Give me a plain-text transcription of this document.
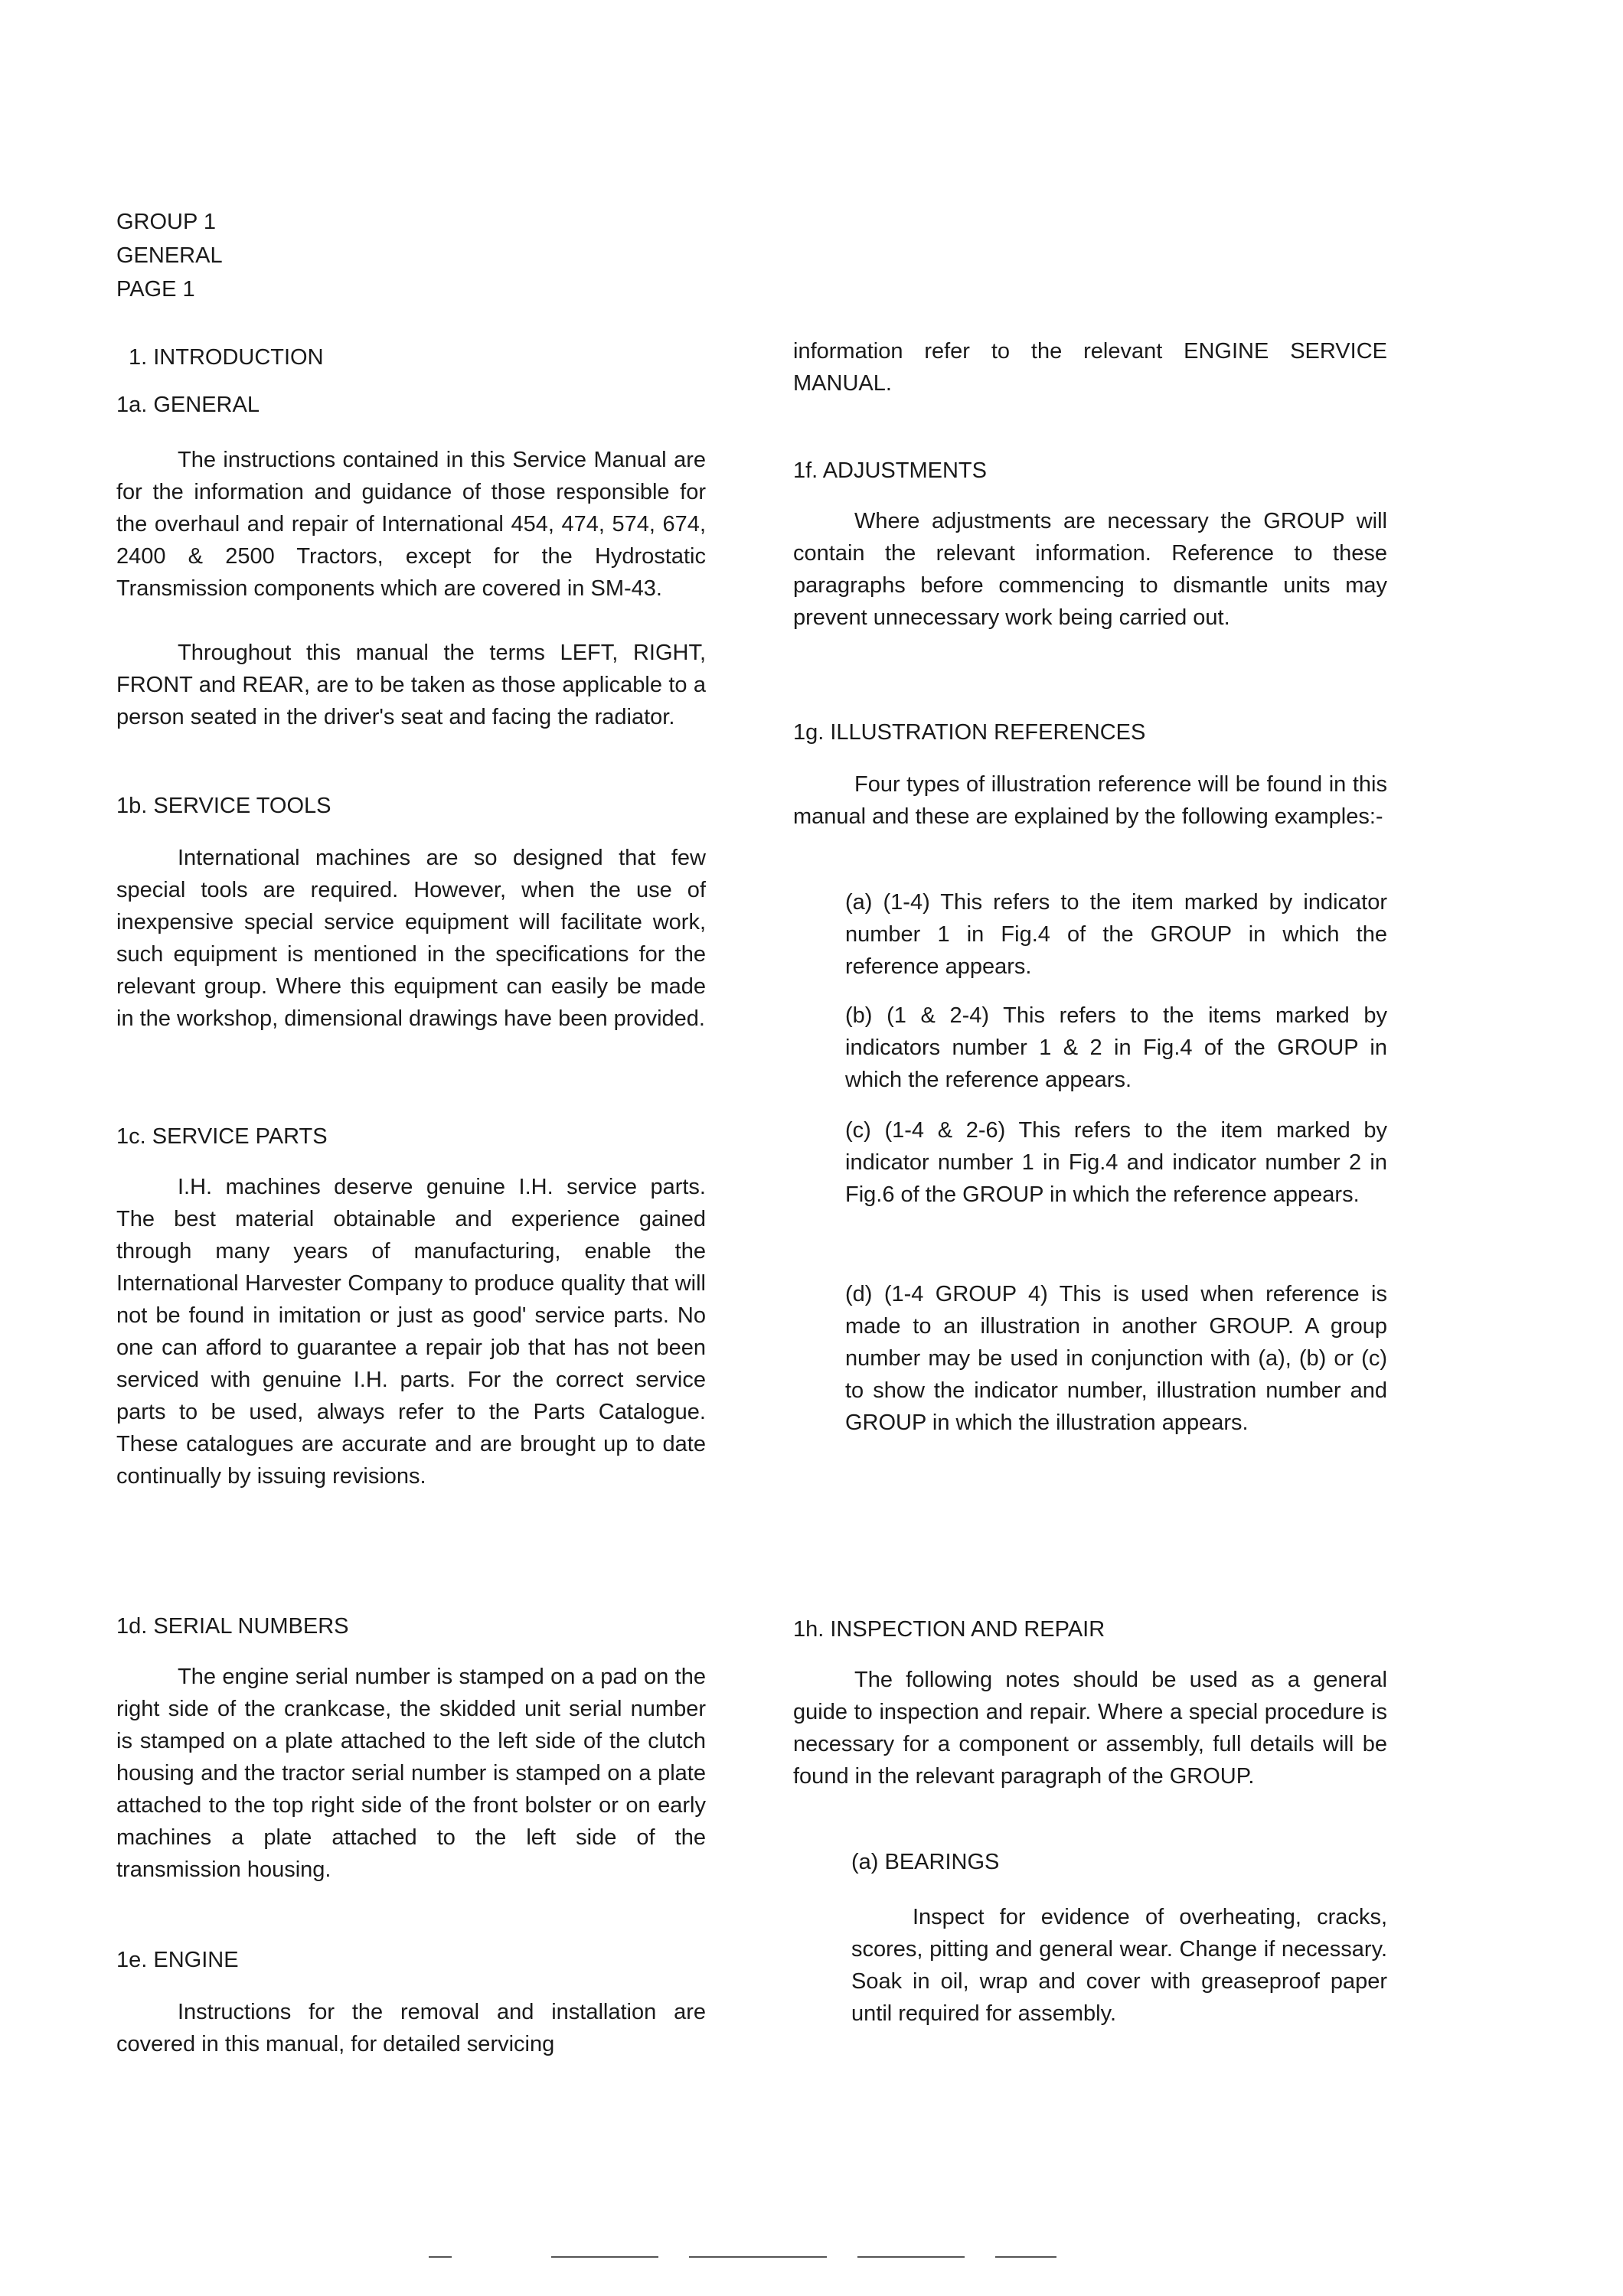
GROUP 1
GENERAL
PAGE 1
1. INTRODUCTION
1a. GENERAL

The instructions contained in this Service Manual are for the information and guidance of those responsible for the overhaul and repair of International 454, 474, 574, 674, 2400 & 2500 Tractors, except for the Hydrostatic Transmission components which are covered in SM-43.

Throughout this manual the terms LEFT, RIGHT, FRONT and REAR, are to be taken as those applicable to a person seated in the driver's seat and facing the radiator.

1b. SERVICE TOOLS

International machines are so designed that few special tools are required. However, when the use of inexpensive special service equipment will facilitate work, such equipment is mentioned in the specifications for the relevant group. Where this equipment can easily be made in the workshop, dimensional drawings have been provided.

1c. SERVICE PARTS

I.H. machines deserve genuine I.H. service parts. The best material obtainable and experience gained through many years of manufacturing, enable the International Harvester Company to produce quality that will not be found in imitation or just as good' service parts. No one can afford to guarantee a repair job that has not been serviced with genuine I.H. parts. For the correct service parts to be used, always refer to the Parts Catalogue. These catalogues are accurate and are brought up to date continually by issuing revisions.

information refer to the relevant ENGINE SERVICE MANUAL.

1f. ADJUSTMENTS

Where adjustments are necessary the GROUP will contain the relevant information. Reference to these paragraphs before commencing to dismantle units may prevent unnecessary work being carried out.

1g. ILLUSTRATION REFERENCES

Four types of illustration reference will be found in this manual and these are explained by the following examples:-

(a) (1-4) This refers to the item marked by indicator number 1 in Fig.4 of the GROUP in which the reference appears.

(b) (1 & 2-4) This refers to the items marked by indicators number 1 & 2 in Fig.4 of the GROUP in which the reference appears.

(c) (1-4 & 2-6) This refers to the item marked by indicator number 1 in Fig.4 and indicator number 2 in Fig.6 of the GROUP in which the reference appears.

(d) (1-4 GROUP 4) This is used when reference is made to an illustration in another GROUP. A group number may be used in conjunction with (a), (b) or (c) to show the indicator number, illustration number and GROUP in which the illustration appears.

1d. SERIAL NUMBERS

The engine serial number is stamped on a pad on the right side of the crankcase, the skidded unit serial number is stamped on a plate attached to the left side of the clutch housing and the tractor serial number is stamped on a plate attached to the top right side of the front bolster or on early machines a plate attached to the left side of the transmission housing.

1e. ENGINE

Instructions for the removal and installation are covered in this manual, for detailed servicing

1h. INSPECTION AND REPAIR

The following notes should be used as a general guide to inspection and repair. Where a special procedure is necessary for a component or assembly, full details will be found in the relevant paragraph of the GROUP.

(a) BEARINGS

Inspect for evidence of overheating, cracks, scores, pitting and general wear. Change if necessary. Soak in oil, wrap and cover with greaseproof paper until required for assembly.
